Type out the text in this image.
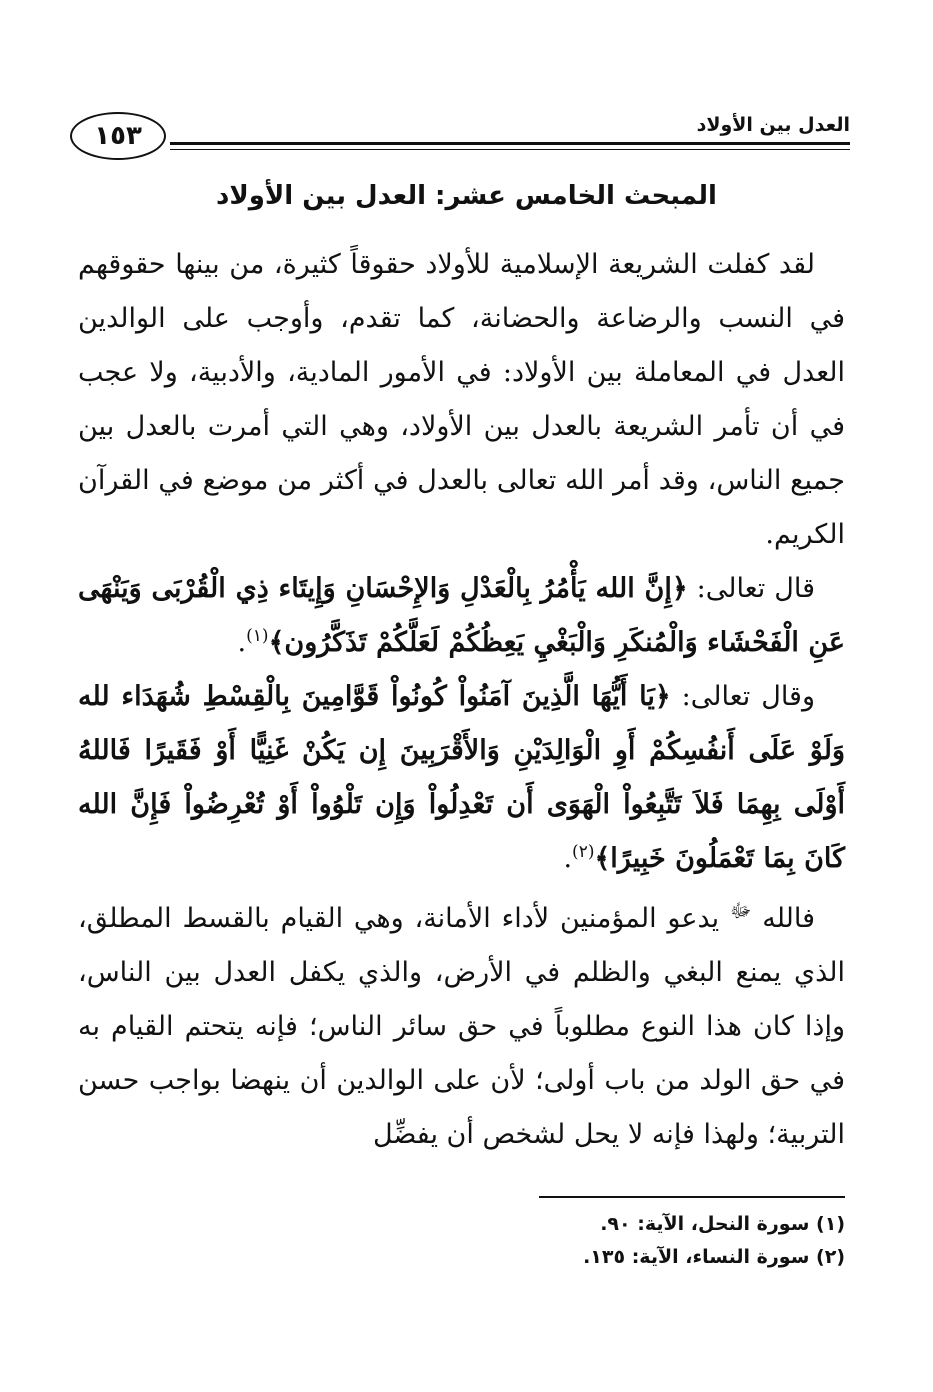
العدل بين الأولاد
١٥٣
المبحث الخامس عشر: العدل بين الأولاد

لقد كفلت الشريعة الإسلامية للأولاد حقوقاً كثيرة، من بينها حقوقهم في النسب والرضاعة والحضانة، كما تقدم، وأوجب على الوالدين العدل في المعاملة بين الأولاد: في الأمور المادية، والأدبية، ولا عجب في أن تأمر الشريعة بالعدل بين الأولاد، وهي التي أمرت بالعدل بين جميع الناس، وقد أمر الله تعالى بالعدل في أكثر من موضع في القرآن الكريم.

قال تعالى: ﴿إِنَّ الله يَأْمُرُ بِالْعَدْلِ وَالإِحْسَانِ وَإِيتَاء ذِي الْقُرْبَى وَيَنْهَى عَنِ الْفَحْشَاء وَالْمُنكَرِ وَالْبَغْيِ يَعِظُكُمْ لَعَلَّكُمْ تَذَكَّرُون﴾$^{(١)}$.

وقال تعالى: ﴿يَا أَيُّهَا الَّذِينَ آمَنُواْ كُونُواْ قَوَّامِينَ بِالْقِسْطِ شُهَدَاء لله وَلَوْ عَلَى أَنفُسِكُمْ أَوِ الْوَالِدَيْنِ وَالأَقْرَبِينَ إِن يَكُنْ غَنِيًّا أَوْ فَقَيرًا فَاللهُ أَوْلَى بِهِمَا فَلاَ تَتَّبِعُواْ الْهَوَى أَن تَعْدِلُواْ وَإِن تَلْوُواْ أَوْ تُعْرِضُواْ فَإِنَّ الله كَانَ بِمَا تَعْمَلُونَ خَبِيرًا﴾$^{(٢)}$.

فالله $^ﷻ$ يدعو المؤمنين لأداء الأمانة، وهي القيام بالقسط المطلق، الذي يمنع البغي والظلم في الأرض، والذي يكفل العدل بين الناس، وإذا كان هذا النوع مطلوباً في حق سائر الناس؛ فإنه يتحتم القيام به في حق الولد من باب أولى؛ لأن على الوالدين أن ينهضا بواجب حسن التربية؛ ولهذا فإنه لا يحل لشخص أن يفضِّل

(١) سورة النحل، الآية: ٩٠.
(٢) سورة النساء، الآية: ١٣٥.
